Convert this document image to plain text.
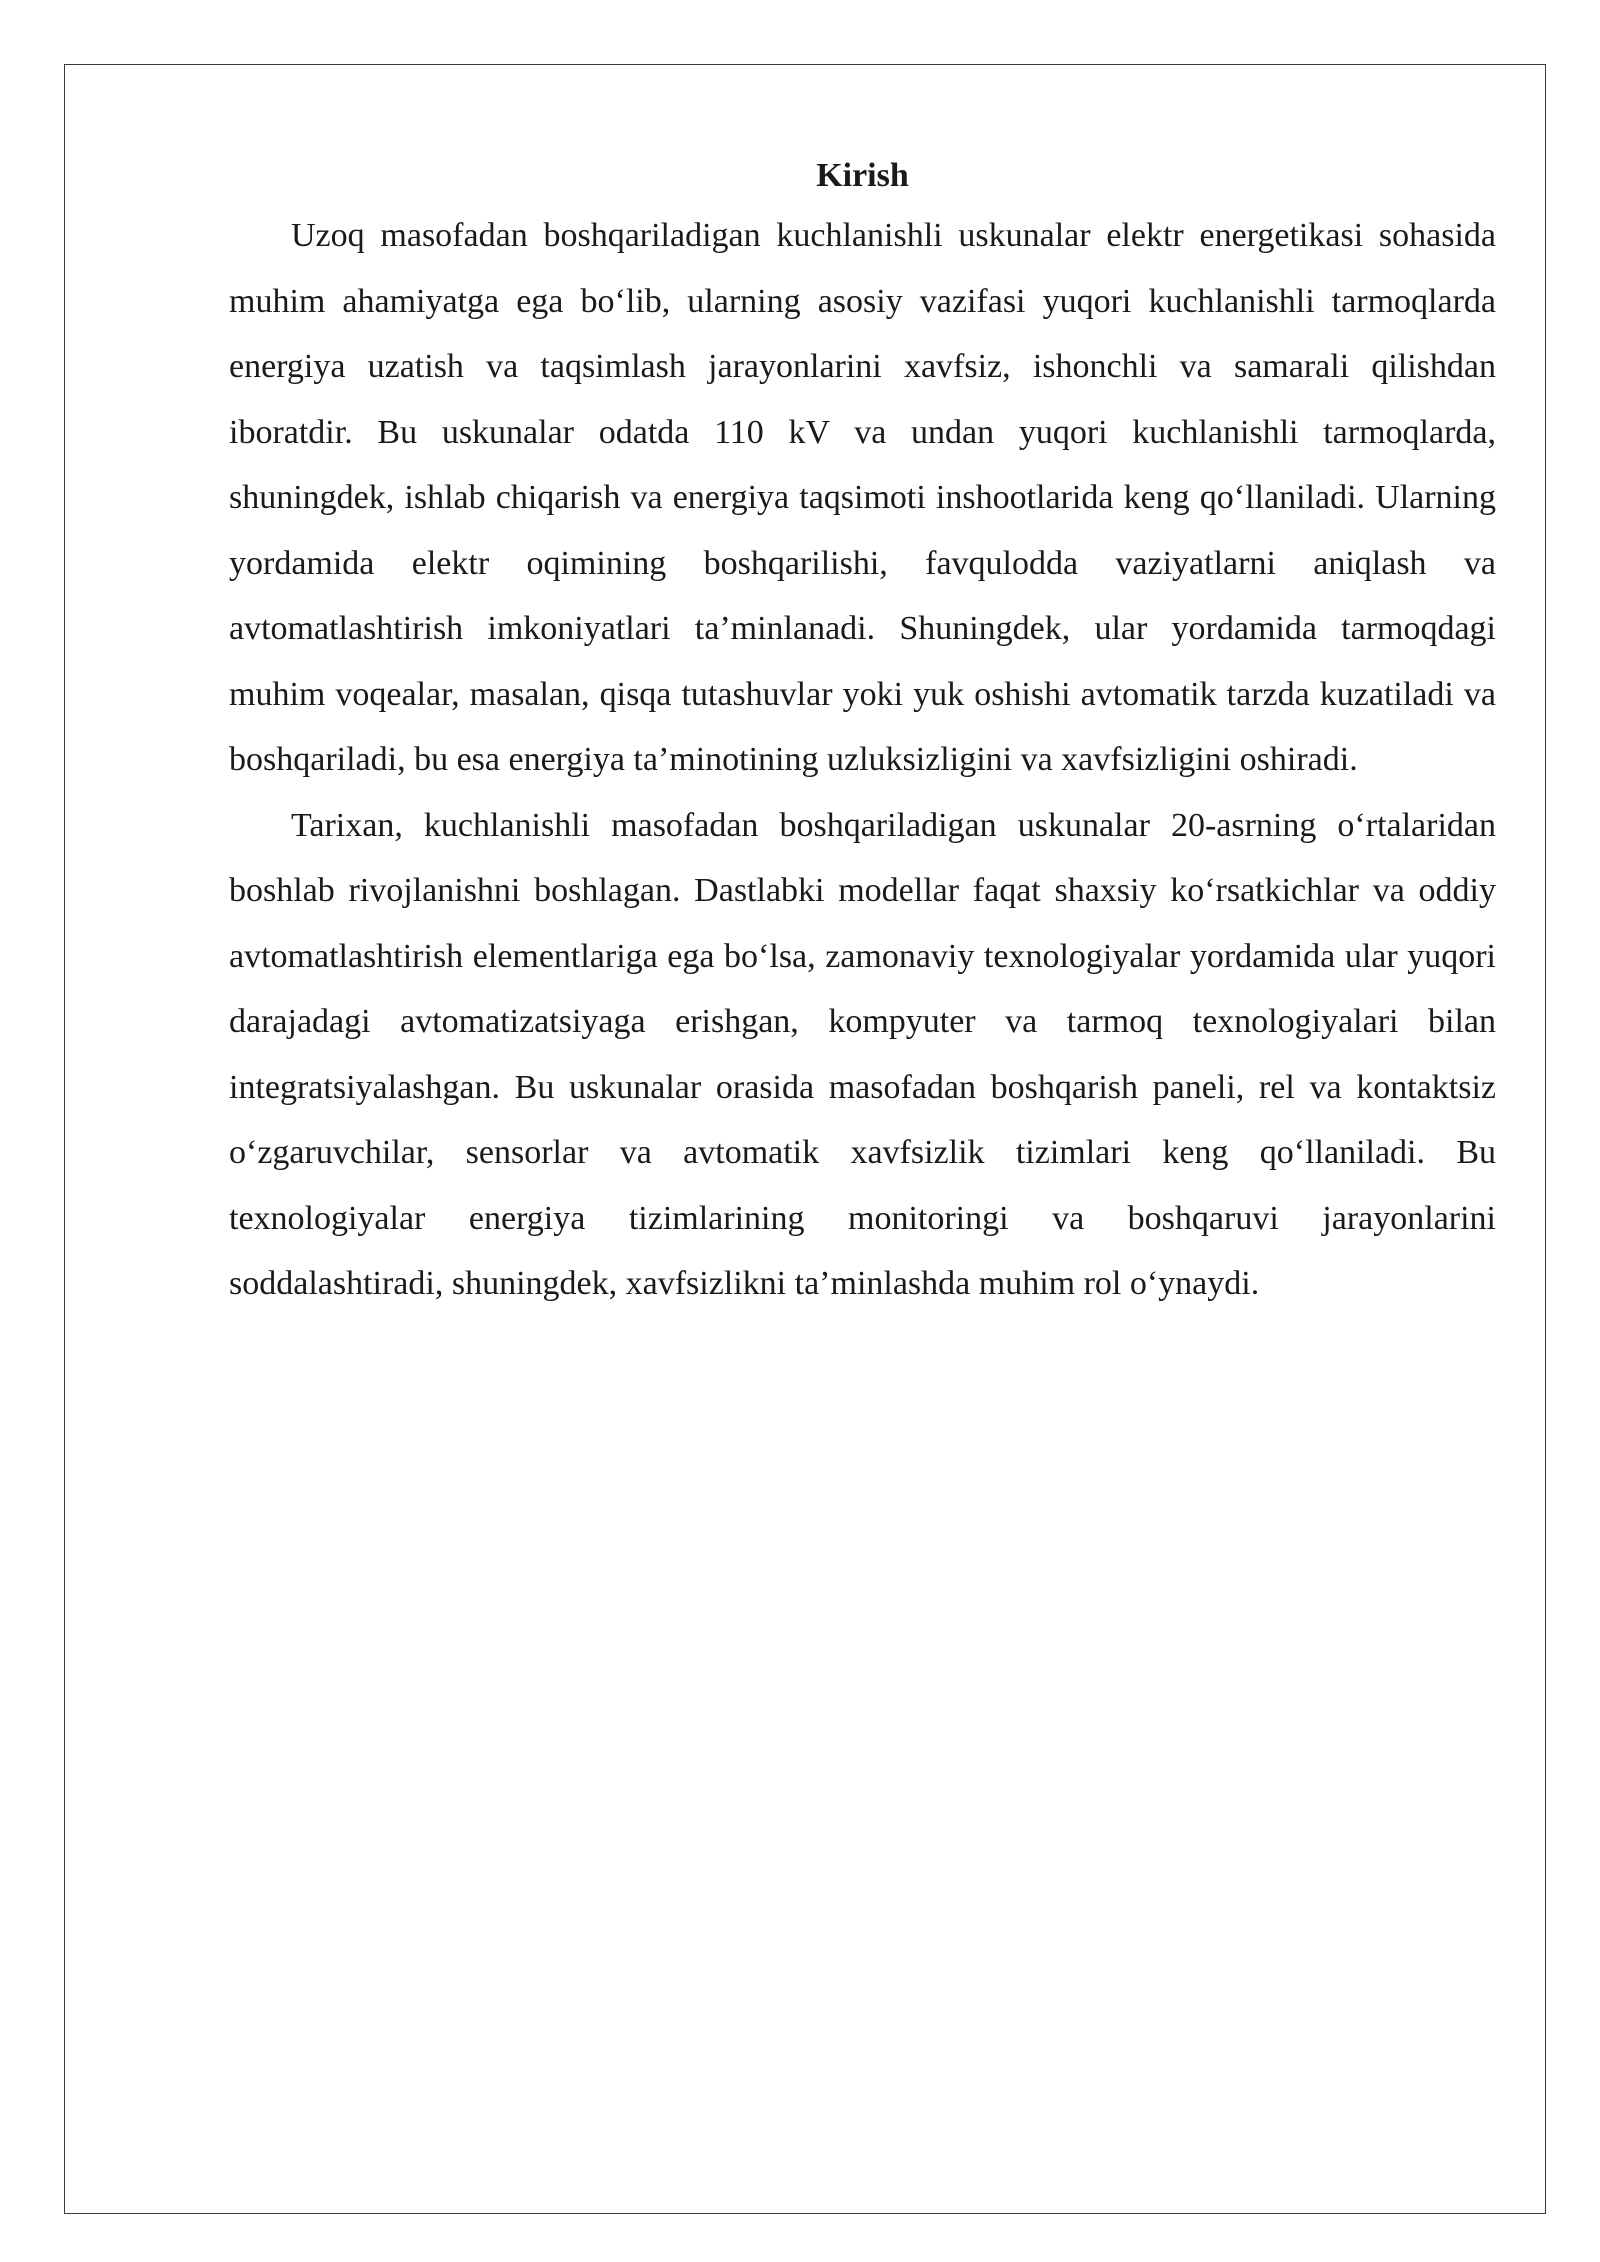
Kirish

Uzoq masofadan boshqariladigan kuchlanishli uskunalar elektr energetikasi sohasida muhim ahamiyatga ega bo‘lib, ularning asosiy vazifasi yuqori kuchlanishli tarmoqlarda energiya uzatish va taqsimlash jarayonlarini xavfsiz, ishonchli va samarali qilishdan iboratdir. Bu uskunalar odatda 110 kV va undan yuqori kuchlanishli tarmoqlarda, shuningdek, ishlab chiqarish va energiya taqsimoti inshootlarida keng qo‘llaniladi. Ularning yordamida elektr oqimining boshqarilishi, favqulodda vaziyatlarni aniqlash va avtomatlashtirish imkoniyatlari ta’minlanadi. Shuningdek, ular yordamida tarmoqdagi muhim voqealar, masalan, qisqa tutashuvlar yoki yuk oshishi avtomatik tarzda kuzatiladi va boshqariladi, bu esa energiya ta’minotining uzluksizligini va xavfsizligini oshiradi.

Tarixan, kuchlanishli masofadan boshqariladigan uskunalar 20-asrning o‘rtalaridan boshlab rivojlanishni boshlagan. Dastlabki modellar faqat shaxsiy ko‘rsatkichlar va oddiy avtomatlashtirish elementlariga ega bo‘lsa, zamonaviy texnologiyalar yordamida ular yuqori darajadagi avtomatizatsiyaga erishgan, kompyuter va tarmoq texnologiyalari bilan integratsiyalashgan. Bu uskunalar orasida masofadan boshqarish paneli, rel va kontaktsiz o‘zgaruvchilar, sensorlar va avtomatik xavfsizlik tizimlari keng qo‘llaniladi. Bu texnologiyalar energiya tizimlarining monitoringi va boshqaruvi jarayonlarini soddalashtiradi, shuningdek, xavfsizlikni ta’minlashda muhim rol o‘ynaydi.
